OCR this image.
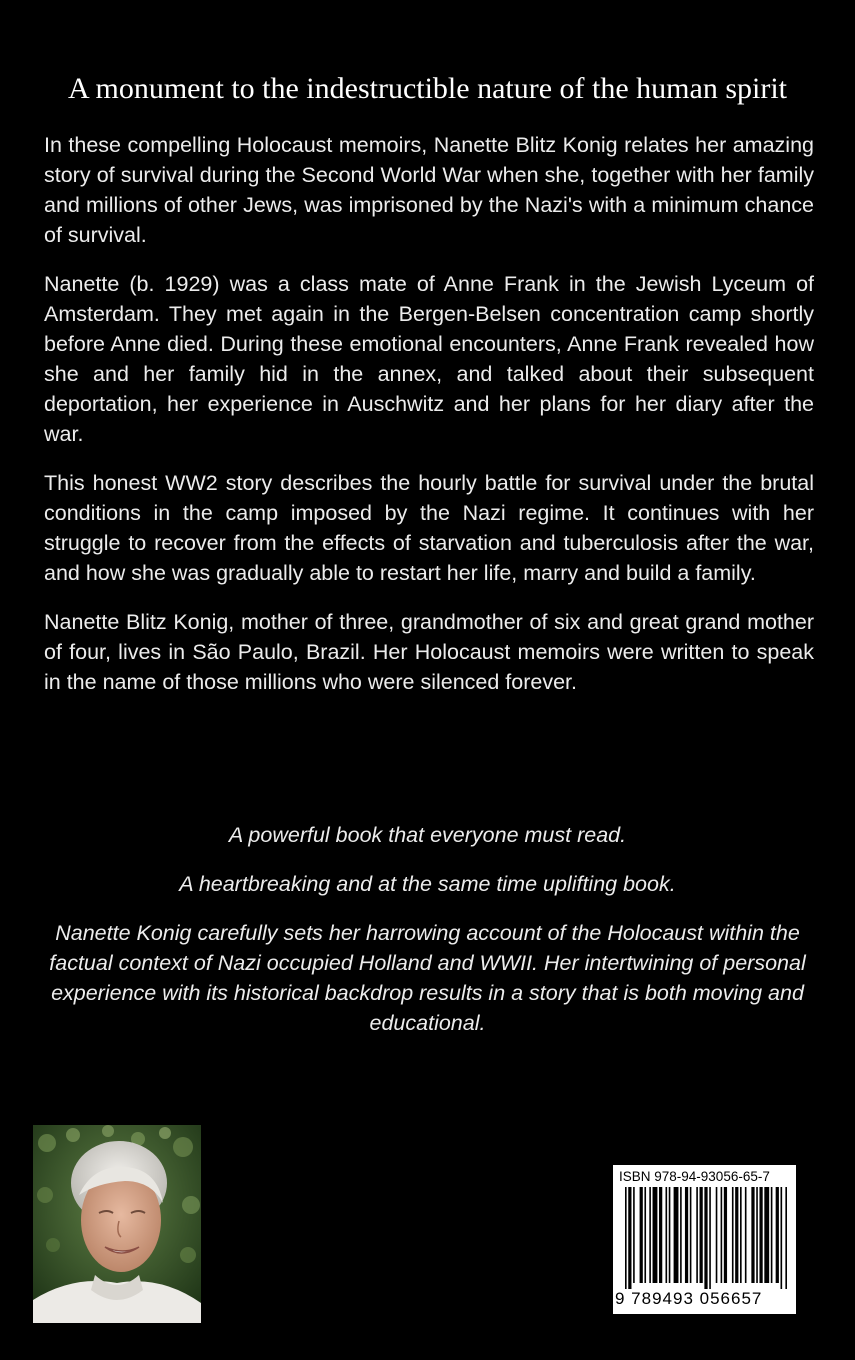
A monument to the indestructible nature of the human spirit

In these compelling Holocaust memoirs, Nanette Blitz Konig relates her amazing story of survival during the Second World War when she, together with her family and millions of other Jews, was imprisoned by the Nazi's with a minimum chance of survival.

Nanette (b. 1929) was a class mate of Anne Frank in the Jewish Lyceum of Amsterdam. They met again in the Bergen-Belsen concentration camp shortly before Anne died. During these emotional encounters, Anne Frank revealed how she and her family hid in the annex, and talked about their subsequent deportation, her experience in Auschwitz and her plans for her diary after the war.

This honest WW2 story describes the hourly battle for survival under the brutal conditions in the camp imposed by the Nazi regime. It continues with her struggle to recover from the effects of starvation and tuberculosis after the war, and how she was gradually able to restart her life, marry and build a family.

Nanette Blitz Konig, mother of three, grandmother of six and great grand mother of four, lives in São Paulo, Brazil. Her Holocaust memoirs were written to speak in the name of those millions who were silenced forever.

A powerful book that everyone must read.

A heartbreaking and at the same time uplifting book.

Nanette Konig carefully sets her harrowing account of the Holocaust within the factual context of Nazi occupied Holland and WWII. Her intertwining of personal experience with its historical backdrop results in a story that is both moving and educational.

ISBN 978-94-93056-65-7
9 789493 056657
